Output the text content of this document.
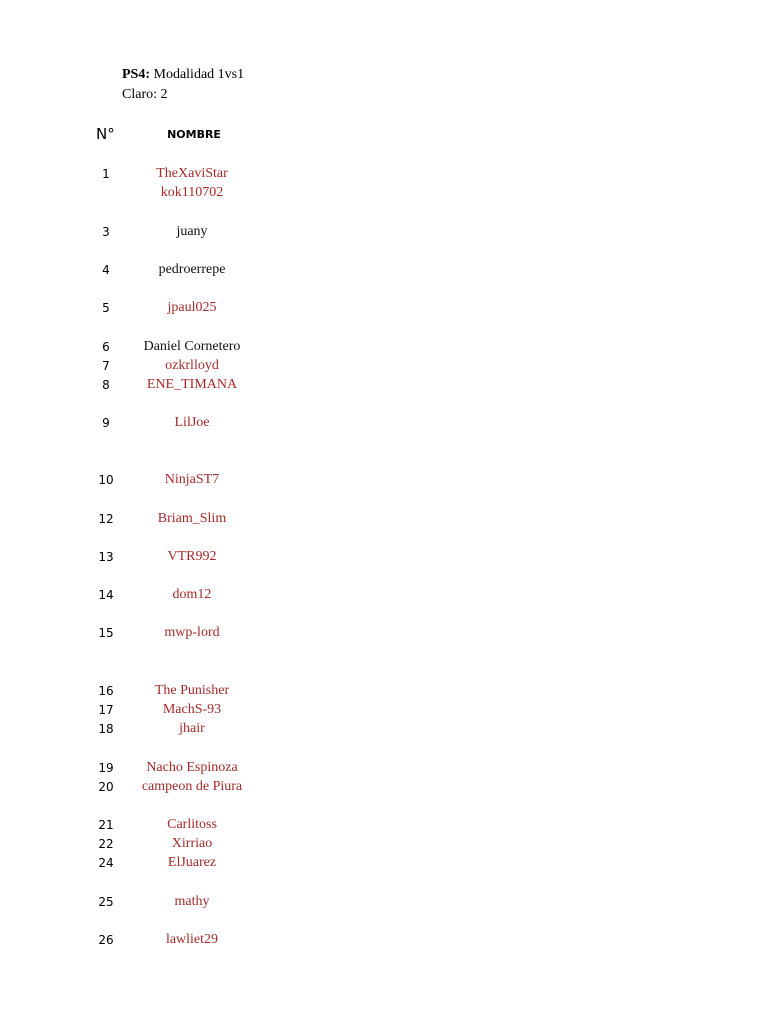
PS4: Modalidad 1vs1
Claro: 2
N°	NOMBRE
1	TheXaviStar
kok110702
3	juany
4	pedroerrepe
5	jpaul025
6	Daniel Cornetero
7	ozkrlloyd
8	ENE_TIMANA
9	LilJoe
10	NinjaST7
12	Briam_Slim
13	VTR992
14	dom12
15	mwp-lord
16	The Punisher
17	MachS-93
18	jhair
19	Nacho Espinoza
20	campeon de Piura
21	Carlitoss
22	Xirriao
24	ElJuarez
25	mathy
26	lawliet29
